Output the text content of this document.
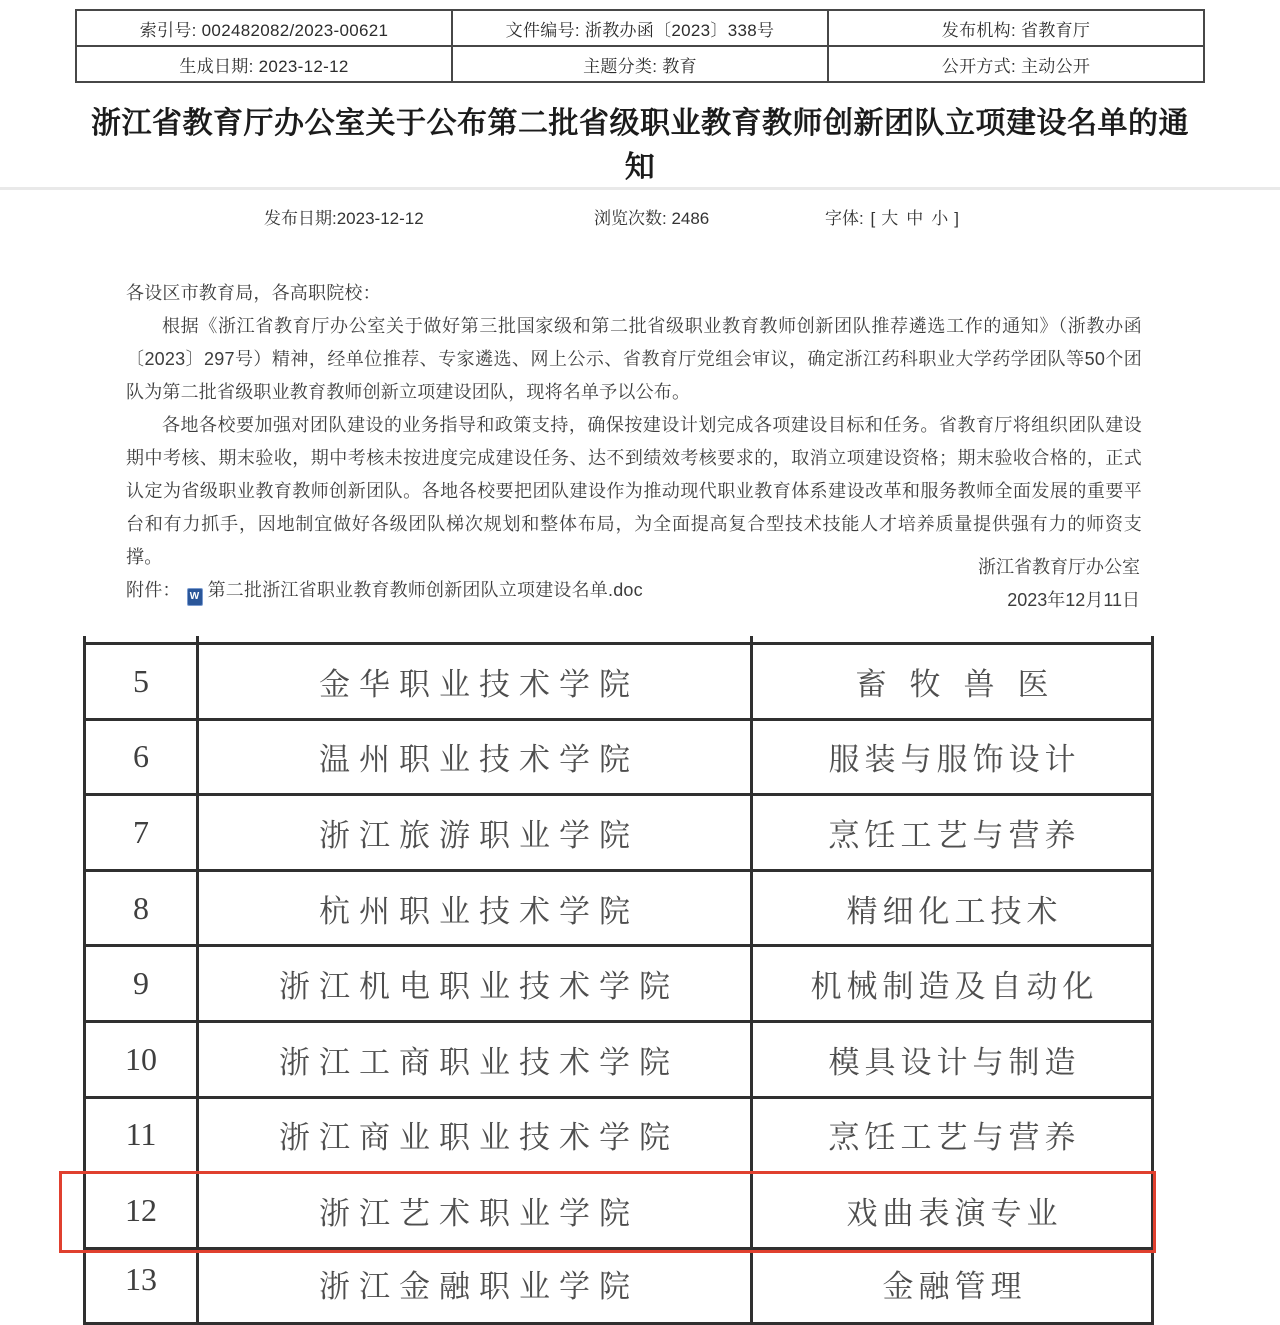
索引号: 002482082/2023-00621	文件编号: 浙教办函〔2023〕338号	发布机构: 省教育厅
生成日期: 2023-12-12	主题分类: 教育	公开方式: 主动公开
浙江省教育厅办公室关于公布第二批省级职业教育教师创新团队立项建设名单的通
知
发布日期:2023-12-12	浏览次数: 2486	字体: [ 大 中 小 ]

各设区市教育局，各高职院校：

根据《浙江省教育厅办公室关于做好第三批国家级和第二批省级职业教育教师创新团队推荐遴选工作的通知》（浙教办函〔2023〕297号）精神，经单位推荐、专家遴选、网上公示、省教育厅党组会审议，确定浙江药科职业大学药学团队等50个团队为第二批省级职业教育教师创新立项建设团队，现将名单予以公布。

各地各校要加强对团队建设的业务指导和政策支持，确保按建设计划完成各项建设目标和任务。省教育厅将组织团队建设期中考核、期末验收，期中考核未按进度完成建设任务、达不到绩效考核要求的，取消立项建设资格；期末验收合格的，正式认定为省级职业教育教师创新团队。各地各校要把团队建设作为推动现代职业教育体系建设改革和服务教师全面发展的重要平台和有力抓手，因地制宜做好各级团队梯次规划和整体布局，为全面提高复合型技术技能人才培养质量提供强有力的师资支撑。

附件： W 第二批浙江省职业教育教师创新团队立项建设名单.doc

浙江省教育厅办公室
2023年12月11日
5	金华职业技术学院	畜牧兽医
6	温州职业技术学院	服装与服饰设计
7	浙江旅游职业学院	烹饪工艺与营养
8	杭州职业技术学院	精细化工技术
9	浙江机电职业技术学院	机械制造及自动化
10	浙江工商职业技术学院	模具设计与制造
11	浙江商业职业技术学院	烹饪工艺与营养
12	浙江艺术职业学院	戏曲表演专业
13	浙江金融职业学院	金融管理
